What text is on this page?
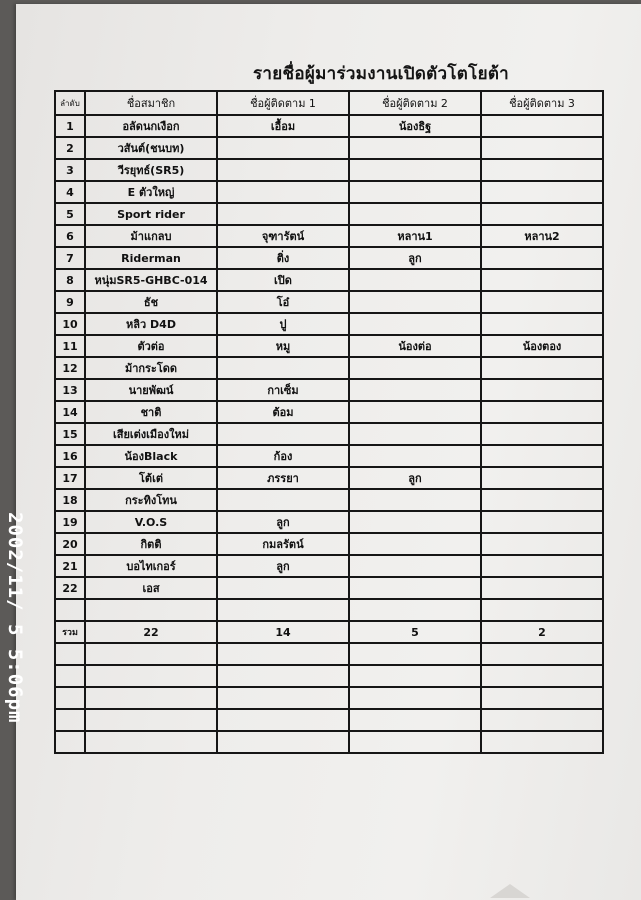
รายชื่อผู้มาร่วมงานเปิดตัวโตโยต้า
ลำดับ	ชื่อสมาชิก	ชื่อผู้ติดตาม 1	ชื่อผู้ติดตาม 2	ชื่อผู้ติดตาม 3
1	อลัดนกเงือก	เอื้อม	น้องธิฐ	
2	วสันต์(ชนบท)			
3	วีรยุทธ์(SR5)			
4	E ตัวใหญ่			
5	Sport rider			
6	ม้าแกลบ	จุฑารัตน์	หลาน1	หลาน2
7	Riderman	ติ่ง	ลูก	
8	หนุ่มSR5-GHBC-014	เปิด		
9	ธัช	โอ๋		
10	หลิว D4D	ปู		
11	ตัวต่อ	หมู	น้องต่อ	น้องตอง
12	ม้ากระโดด			
13	นายพัฒน์	กาเซ็ม		
14	ชาติ	ต้อม		
15	เสียเต่งเมืองใหม่			
16	น้องBlack	ก้อง		
17	โต้เต่	ภรรยา	ลูก	
18	กระทิงโทน			
19	V.O.S	ลูก		
20	กิตติ	กมลรัตน์		
21	บอไทเกอร์	ลูก		
22	เอส			

รวม	22	14	5	2

2002/11/ 5 5:06pm
